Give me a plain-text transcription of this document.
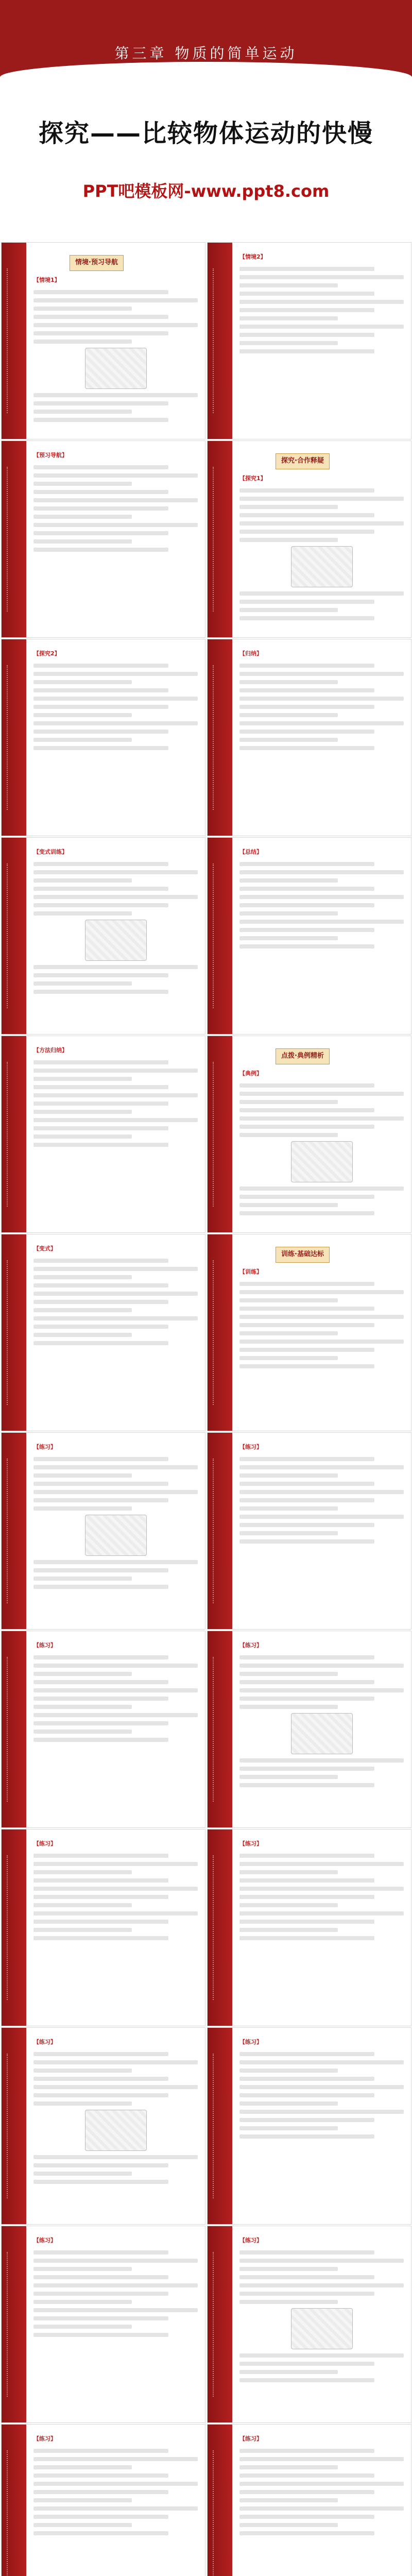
第三章 物质的简单运动
探究——比较物体运动的快慢
PPT吧模板网-www.ppt8.com
情境·预习导航
【情境1】
【情境2】
【预习导航】
探究·合作释疑
【探究1】
【探究2】	【归纳】
【变式训练】	【总结】
【方法归纳】
点拨·典例精析
【典例】
【变式】
训练·基础达标
【训练】
【练习】	【练习】
【练习】	【练习】
【练习】	【练习】
【练习】	【练习】
【练习】	【练习】
【练习】	【练习】
